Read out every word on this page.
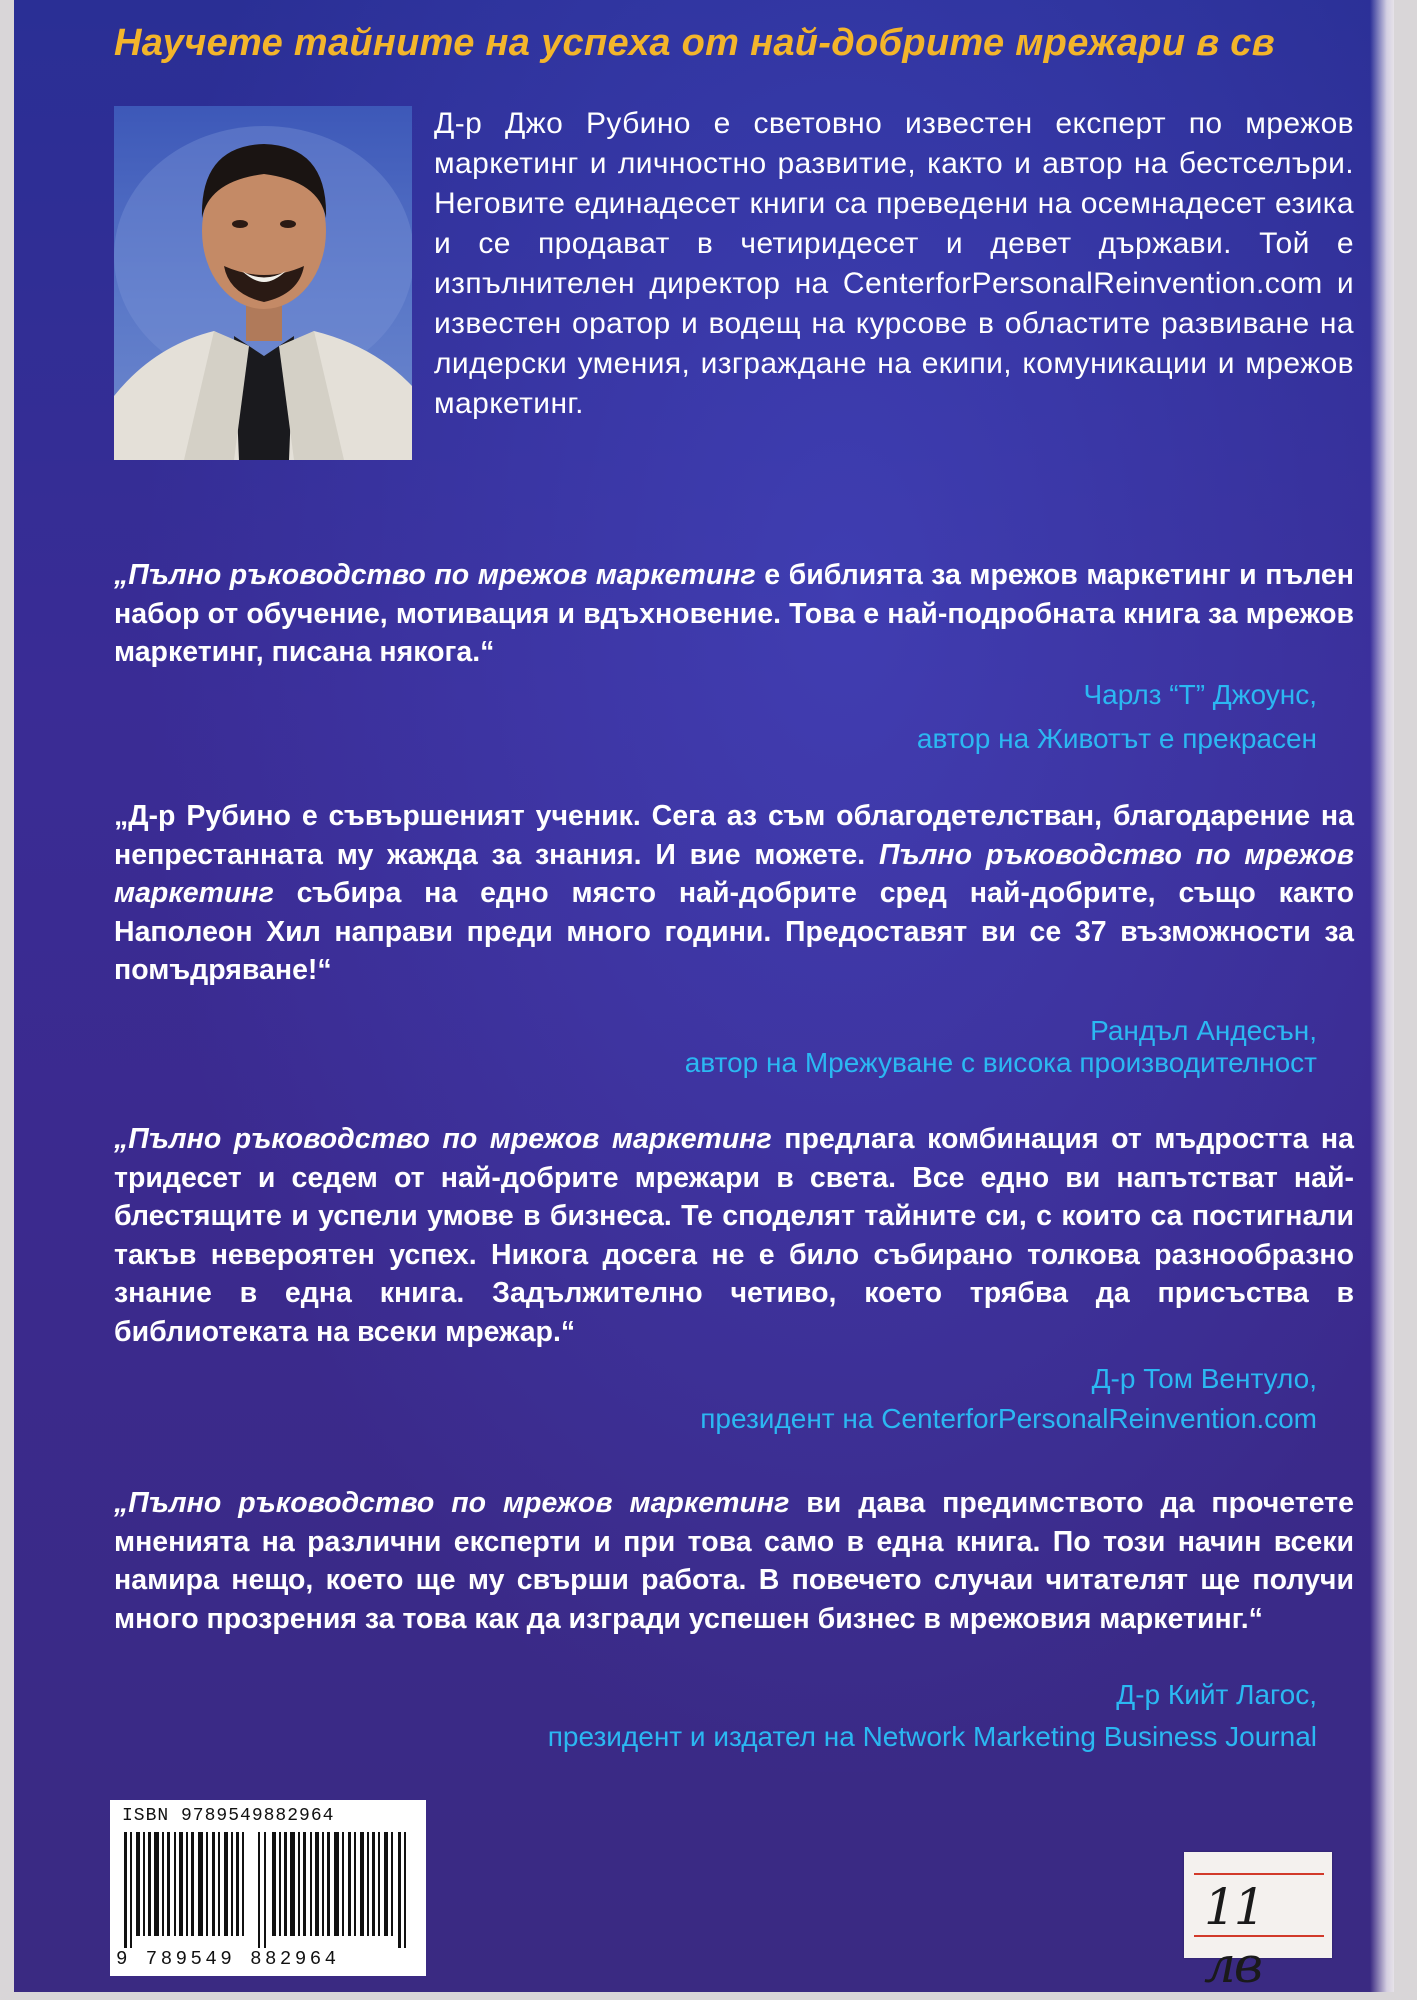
Научете тайните на успеха от най-добрите мрежари в св
Д-р Джо Рубино е световно известен експерт по мрежов маркетинг и личностно развитие, както и автор на бестселъри. Неговите единадесет книги са преведени на осемнадесет езика и се продават в четиридесет и девет държави. Той е изпълнителен директор на CenterforPersonalReinvention.com и известен оратор и водещ на курсове в областите развиване на лидерски умения, изграждане на екипи, комуникации и мрежов маркетинг.
„Пълно ръководство по мрежов маркетинг е библията за мрежов маркетинг и пълен набор от обучение, мотивация и вдъхновение. Това е най-подробната книга за мрежов маркетинг, писана някога.“
Чарлз “Т” Джоунс,
автор на Животът е прекрасен
„Д-р Рубино е съвършеният ученик. Сега аз съм облагодетелстван, благодарение на непрестанната му жажда за знания. И вие можете. Пълно ръководство по мрежов маркетинг събира на едно място най-добрите сред най-добрите, също както Наполеон Хил направи преди много години. Предоставят ви се 37 възможности за помъдряване!“
Рандъл Андесън,
автор на Мрежуване с висока производителност
„Пълно ръководство по мрежов маркетинг предлага комбинация от мъдростта на тридесет и седем от най-добрите мрежари в света. Все едно ви напътстват най-блестящите и успели умове в бизнеса. Те споделят тайните си, с които са постигнали такъв невероятен успех. Никога досега не е било събирано толкова разнообразно знание в една книга. Задължително четиво, което трябва да присъства в библиотеката на всеки мрежар.“
Д-р Том Вентуло,
президент на CenterforPersonalReinvention.com
„Пълно ръководство по мрежов маркетинг ви дава предимството да прочетете мненията на различни експерти и при това само в една книга. По този начин всеки намира нещо, което ще му свърши работа. В повечето случаи читателят ще получи много прозрения за това как да изгради успешен бизнес в мрежовия маркетинг.“
Д-р Кийт Лагос,
президент и издател на Network Marketing Business Journal
ISBN 9789549882964
9 789549 882964
11 лв
